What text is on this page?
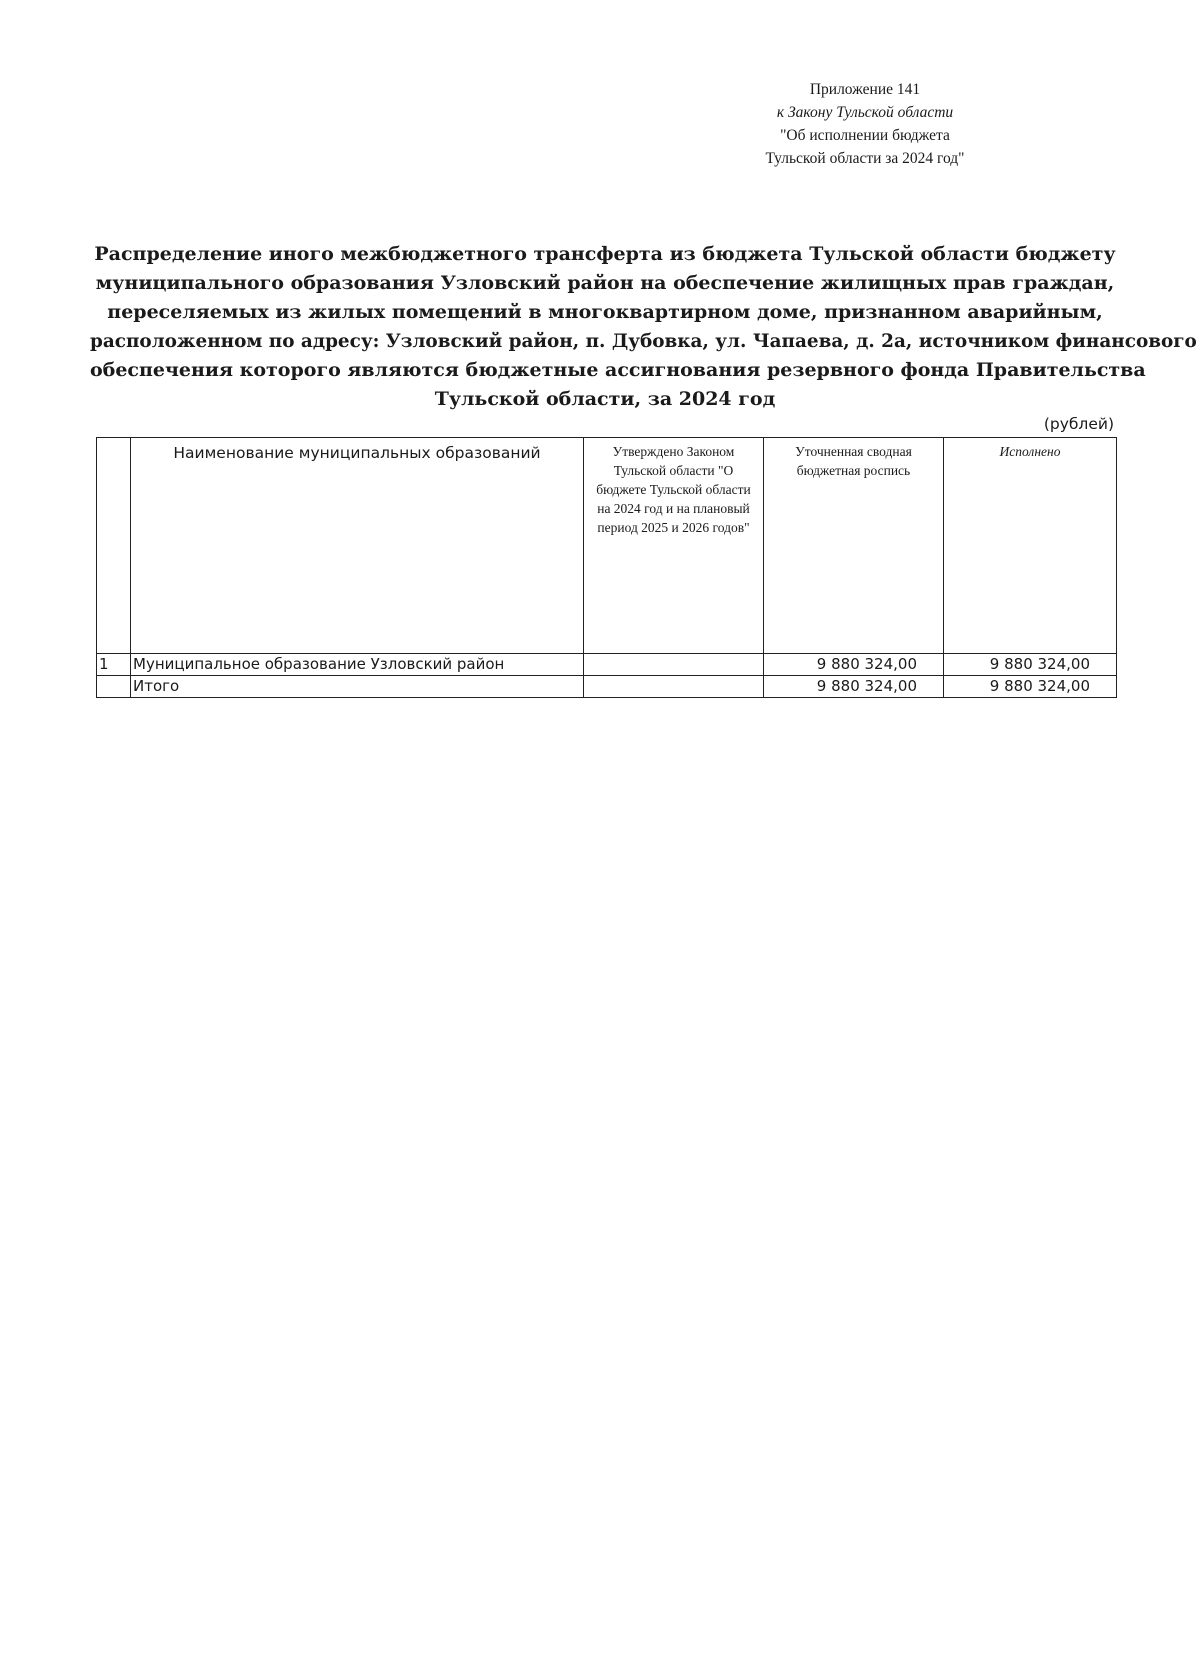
Приложение 141
к Закону Тульской области
"Об исполнении бюджета
Тульской области за 2024 год"
Распределение иного межбюджетного трансферта из бюджета Тульской области бюджету
муниципального образования Узловский район на обеспечение жилищных прав граждан,
переселяемых из жилых помещений в многоквартирном доме, признанном аварийным,
расположенном по адресу: Узловский район, п. Дубовка, ул. Чапаева, д. 2а, источником финансового
обеспечения которого являются бюджетные ассигнования резервного фонда Правительства
Тульской области, за 2024 год
(рублей)
	Наименование муниципальных образований	Утверждено Законом Тульской области "О бюджете Тульской области на 2024 год и на плановый период 2025 и 2026 годов"	Уточненная сводная бюджетная роспись	Исполнено
1	Муниципальное образование Узловский район		9 880 324,00	9 880 324,00
	Итого		9 880 324,00	9 880 324,00
